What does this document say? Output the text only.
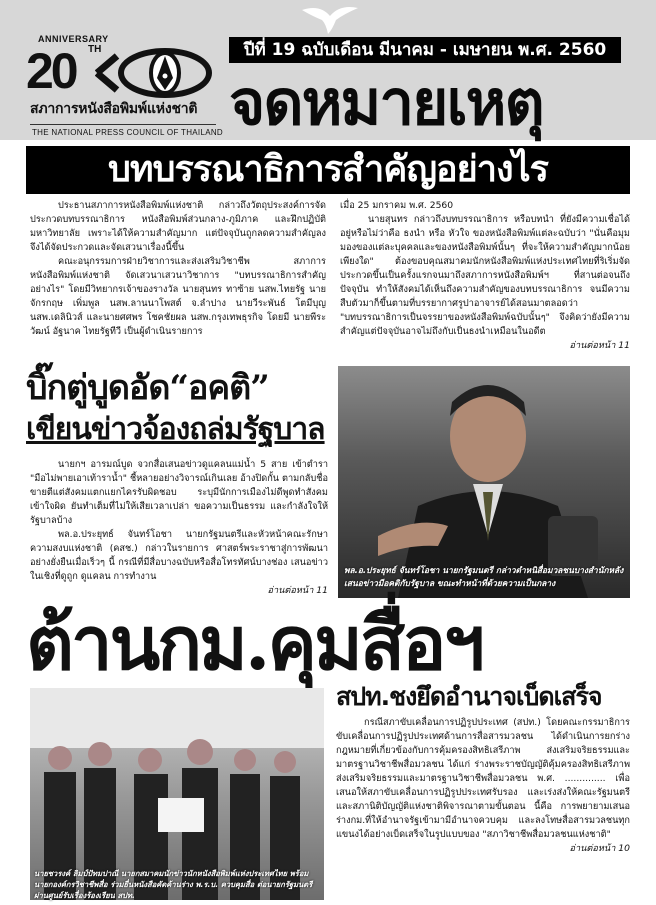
ANNIVERSARY
20 TH
สภาการหนังสือพิมพ์แห่งชาติ
THE NATIONAL PRESS COUNCIL OF THAILAND
ปีที่ 19 ฉบับเดือน มีนาคม - เมษายน พ.ศ. 2560
จดหมายเหตุ
บทบรรณาธิการสำคัญอย่างไร
ประธานสภาการหนังสือพิมพ์แห่งชาติ กล่าวถึงวัตถุประสงค์การจัดประกวดบทบรรณาธิการ หนังสือพิมพ์ส่วนกลาง-ภูมิภาค และฝึกปฏิบัติมหาวิทยาลัย เพราะได้ให้ความสำคัญมาก แต่ปัจจุบันถูกลดความสำคัญลง จึงได้จัดประกวดและจัดเสวนาเรื่องนี้ขึ้น
คณะอนุกรรมการฝ่ายวิชาการและส่งเสริมวิชาชีพ สภาการหนังสือพิมพ์แห่งชาติ จัดเสวนาเสวนาวิชาการ "บทบรรณาธิการสำคัญอย่างไร" โดยมีวิทยากรเจ้าของรางวัล นายสุนทร ทาซ้าย นสพ.ไทยรัฐ นายจักรกฤษ เพิ่มพูล นสพ.ลานนาโพสต์ จ.ลำปาง นายวีระพันธ์ โตมีบุญ นสพ.เดลินิวส์ และนายศศพร โชคชัยผล นสพ.กรุงเทพธุรกิจ โดยมี นายพีระวัฒน์ อัฐนาค ไทยรัฐทีวี เป็นผู้ดำเนินรายการ
เมื่อ 25 มกราคม พ.ศ. 2560
นายสุนทร กล่าวถึงบทบรรณาธิการ หรือบทนำ ที่ยังมีความเชื่อได้อยู่หรือไม่ว่าคือ ธงนำ หรือ หัวใจ ของหนังสือพิมพ์แต่ละฉบับว่า "นั่นคือมุมมองของแต่ละบุคคลและของหนังสือพิมพ์นั้นๆ ที่จะให้ความสำคัญมากน้อยเพียงใด" ต้องขอบคุณสมาคมนักหนังสือพิมพ์แห่งประเทศไทยที่ริเริ่มจัดประกวดขึ้นเป็นครั้งแรกจนมาถึงสภาการหนังสือพิมพ์ฯ ที่สานต่อจนถึงปัจจุบัน ทำให้สังคมได้เห็นถึงความสำคัญของบทบรรณาธิการ จนมีความสืบตัวมาก็ขึ้นตามที่บรรยากาศรูปาอาจารย์ได้สอนมาตลอดว่า "บทบรรณาธิการเป็นจรรยาของหนังสือพิมพ์ฉบับนั้นๆ" จึงคิดว่ายังมีความสำคัญแต่ปัจจุบันอาจไม่ถึงกับเป็นธงนำเหมือนในอดีต
อ่านต่อหน้า 11
บิ๊กตู่บูดอัด“อคติ”
เขียนข่าวจ้องถล่มรัฐบาล
นายกฯ อารมณ์บูด จวกสื่อเสนอข่าวดูแคลนแม่น้ำ 5 สาย เข้าตำรา "มือไม่พายเอาเท้าราน้ำ" ชี้หลายอย่างวิจารณ์เกินเลย อ้างปิดกั้น ตามกลับชื่อขายตีแต่สังคมแตกแยกไครรับผิดชอบ ระบุมีนักการเมืองไม่ดีพูดทำสังคมเข้าใจผิด ยันทำเต็มที่ไม่ให้เสียเวลาเปล่า ขอความเป็นธรรม และกำลังใจให้รัฐบาลบ้าง
พล.อ.ประยุทธ์ จันทร์โอชา นายกรัฐมนตรีและหัวหน้าคณะรักษาความสงบแห่งชาติ (คสช.) กล่าวในรายการ ศาสตร์พระราชาสู่การพัฒนาอย่างยั่งยืนเมื่อเร็วๆ นี้ กรณีที่มีสื่อบางฉบับหรือสื่อโทรทัศน์บางช่อง เสนอข่าวในเชิงที่ดูถูก ดูแคลน การทำงาน
อ่านต่อหน้า 11
พล.อ.ประยุทธ์ จันทร์โอชา นายกรัฐมนตรี กล่าวตำหนิสื่อมวลชนบางสำนักหลังเสนอข่าวมีอคติกับรัฐบาล ขณะทำหน้าที่ด้วยความเป็นกลาง
ต้านกม.คุมสื่อฯ
นายชวรงค์ ลิมป์ปัทมปาณี นายกสมาคมนักข่าวนักหนังสือพิมพ์แห่งประเทศไทย พร้อมนายกองค์กรวิชาชีพสื่อ ร่วมยื่นหนังสือคัดค้านร่าง พ.ร.บ. ควบคุมสื่อ ต่อนายกรัฐมนตรี ผ่านศูนย์รับเรื่องร้องเรียน สปท.
สปท.ชงยึดอำนาจเบ็ดเสร็จ
กรณีสภาขับเคลื่อนการปฏิรูปประเทศ (สปท.) โดยคณะกรรมาธิการขับเคลื่อนการปฏิรูปประเทศด้านการสื่อสารมวลชน ได้ดำเนินการยกร่างกฎหมายที่เกี่ยวข้องกับการคุ้มครองสิทธิเสรีภาพ ส่งเสริมจริยธรรมและมาตรฐานวิชาชีพสื่อมวลชน ได้แก่ ร่างพระราชบัญญัติคุ้มครองสิทธิเสรีภาพ ส่งเสริมจริยธรรมและมาตรฐานวิชาชีพสื่อมวลชน พ.ศ. .............. เพื่อเสนอให้สภาขับเคลื่อนการปฏิรูปประเทศรับรอง และเร่งส่งให้คณะรัฐมนตรีและสภานิติบัญญัติแห่งชาติพิจารณาตามขั้นตอน นี้คือ การพยายามเสนอร่างกม.ที่ให้อำนาจรัฐเข้ามามีอำนาจควบคุม และลงโทษสื่อสารมวลชนทุกแขนงได้อย่างเบ็ดเสร็จในรูปแบบของ "สภาวิชาชีพสื่อมวลชนแห่งชาติ"
อ่านต่อหน้า 10
